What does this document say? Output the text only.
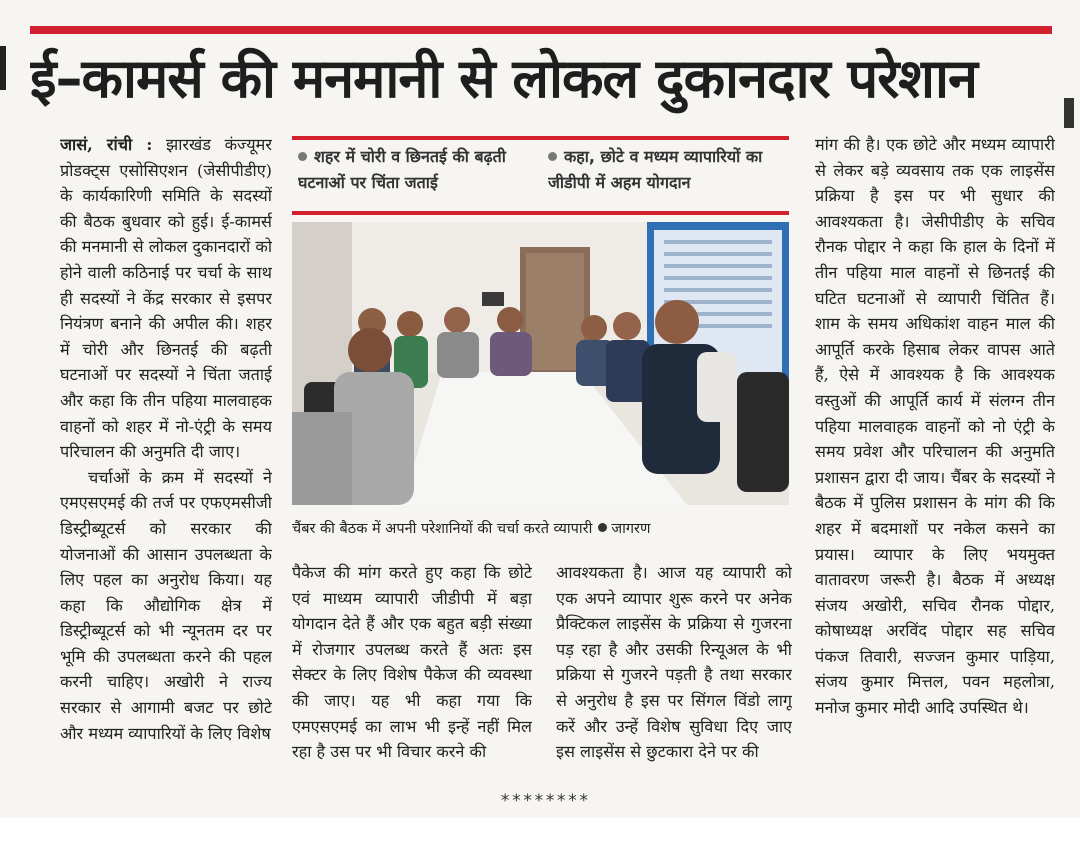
ई–कामर्स की मनमानी से लोकल दुकानदार परेशान

जासं, रांची : झारखंड कंज्यूमर प्रोडक्ट्स एसोसिएशन (जेसीपीडीए) के कार्यकारिणी समिति के सदस्यों की बैठक बुधवार को हुई। ई-कामर्स की मनमानी से लोकल दुकानदारों को होने वाली कठिनाई पर चर्चा के साथ ही सदस्यों ने केंद्र सरकार से इसपर नियंत्रण बनाने की अपील की। शहर में चोरी और छिनतई की बढ़ती घटनाओं पर सदस्यों ने चिंता जताई और कहा कि तीन पहिया मालवाहक वाहनों को शहर में नो-एंट्री के समय परिचालन की अनुमति दी जाए।

चर्चाओं के क्रम में सदस्यों ने एमएसएमई की तर्ज पर एफएमसीजी डिस्ट्रीब्यूटर्स को सरकार की योजनाओं की आसान उपलब्धता के लिए पहल का अनुरोध किया। यह कहा कि औद्योगिक क्षेत्र में डिस्ट्रीब्यूटर्स को भी न्यूनतम दर पर भूमि की उपलब्धता करने की पहल करनी चाहिए। अखोरी ने राज्य सरकार से आगामी बजट पर छोटे और मध्यम व्यापारियों के लिए विशेष

शहर में चोरी व छिनतई की बढ़ती घटनाओं पर चिंता जताई
कहा, छोटे व मध्यम व्यापारियों का जीडीपी में अहम योगदान
चैंबर की बैठक में अपनी परेशानियों की चर्चा करते व्यापारी जागरण

पैकेज की मांग करते हुए कहा कि छोटे एवं माध्यम व्यापारी जीडीपी में बड़ा योगदान देते हैं और एक बहुत बड़ी संख्या में रोजगार उपलब्ध करते हैं अतः इस सेक्टर के लिए विशेष पैकेज की व्यवस्था की जाए। यह भी कहा गया कि एमएसएमई का लाभ भी इन्हें नहीं मिल रहा है उस पर भी विचार करने की

आवश्यकता है। आज यह व्यापारी को एक अपने व्यापार शुरू करने पर अनेक प्रैक्टिकल लाइसेंस के प्रक्रिया से गुजरना पड़ रहा है और उसकी रिन्यूअल के भी प्रक्रिया से गुजरने पड़ती है तथा सरकार से अनुरोध है इस पर सिंगल विंडो लागू करें और उन्हें विशेष सुविधा दिए जाए इस लाइसेंस से छुटकारा देने पर की

मांग की है। एक छोटे और मध्यम व्यापारी से लेकर बड़े व्यवसाय तक एक लाइसेंस प्रक्रिया है इस पर भी सुधार की आवश्यकता है। जेसीपीडीए के सचिव रौनक पोद्दार ने कहा कि हाल के दिनों में तीन पहिया माल वाहनों से छिनतई की घटित घटनाओं से व्यापारी चिंतित हैं। शाम के समय अधिकांश वाहन माल की आपूर्ति करके हिसाब लेकर वापस आते हैं, ऐसे में आवश्यक है कि आवश्यक वस्तुओं की आपूर्ति कार्य में संलग्न तीन पहिया मालवाहक वाहनों को नो एंट्री के समय प्रवेश और परिचालन की अनुमति प्रशासन द्वारा दी जाय। चैंबर के सदस्यों ने बैठक में पुलिस प्रशासन के मांग की कि शहर में बदमाशों पर नकेल कसने का प्रयास। व्यापार के लिए भयमुक्त वातावरण जरूरी है। बैठक में अध्यक्ष संजय अखोरी, सचिव रौनक पोद्दार, कोषाध्यक्ष अरविंद पोद्दार सह सचिव पंकज तिवारी, सज्जन कुमार पाड़िया, संजय कुमार मित्तल, पवन महलोत्रा, मनोज कुमार मोदी आदि उपस्थित थे।

********
